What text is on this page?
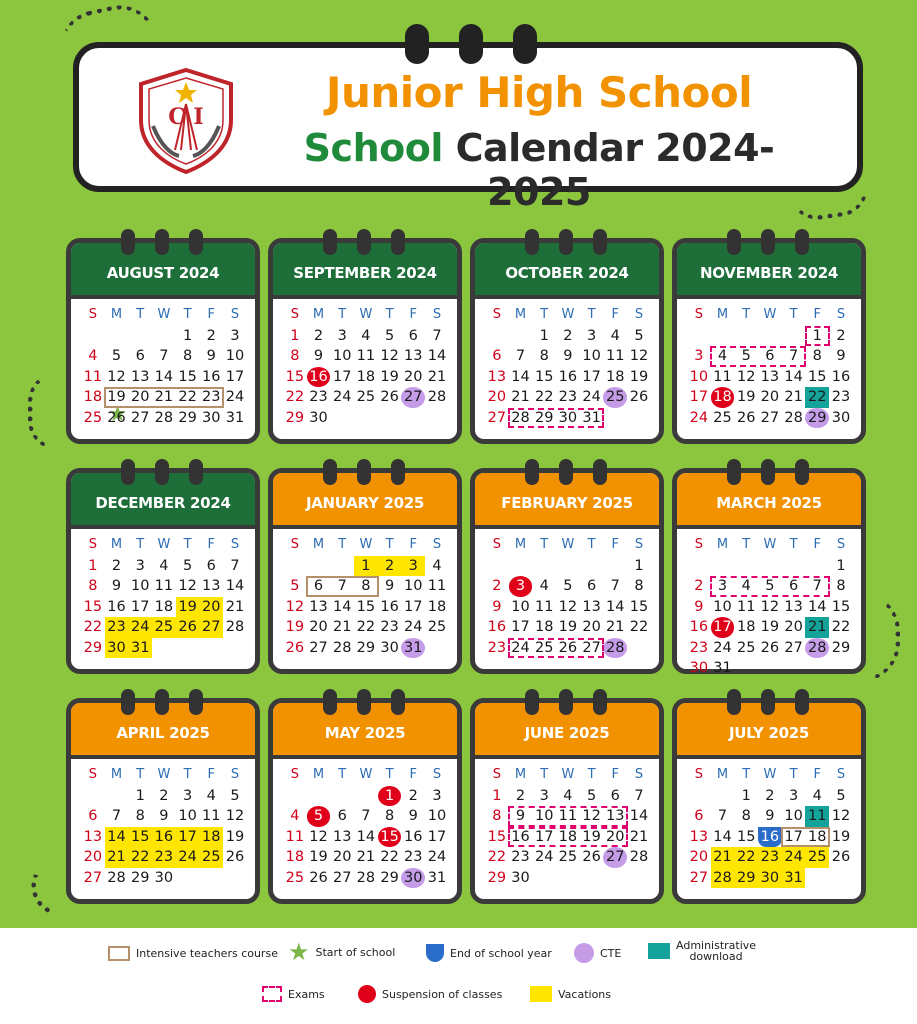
C I	Junior High School
School Calendar 2024-2025
AUGUST 2024
S	M	T	W	T	F	S
1 2 3
4 5 6 7 8 9 10
11 12 13 14 15 16 17
18 19 20 21 22 23 24
25
★ 26 27 28 29 30 31
SEPTEMBER 2024
S	M	T	W	T	F	S
1 2 3 4 5 6 7
8 9 10 11 12 13 14
15 16 17 18 19 20 21
22 23 24 25 26 27 28
29 30
OCTOBER 2024
S	M	T	W	T	F	S
1 2 3 4 5
6 7 8 9 10 11 12
13 14 15 16 17 18 19
20 21 22 23 24 25 26
27 28 29 30 31
NOVEMBER 2024
S	M	T	W	T	F	S
1 2
3 4 5 6 7 8 9
10 11 12 13 14 15 16
17 18 19 20 21 22 23
24 25 26 27 28 29 30
DECEMBER 2024
S	M	T	W	T	F	S
1 2 3 4 5 6 7
8 9 10 11 12 13 14
15 16 17 18 19 20 21
22 23 24 25 26 27 28
29 30 31
JANUARY 2025
S	M	T	W	T	F	S
1 2 3 4
5 6 7 8 9 10 11
12 13 14 15 16 17 18
19 20 21 22 23 24 25
26 27 28 29 30 31
FEBRUARY 2025
S	M	T	W	T	F	S
1
2 3 4 5 6 7 8
9 10 11 12 13 14 15
16 17 18 19 20 21 22
23 24 25 26 27 28
MARCH 2025
S	M	T	W	T	F	S
1
2 3 4 5 6 7 8
9 10 11 12 13 14 15
16 17 18 19 20 21 22
23 24 25 26 27 28 29
30 31
APRIL 2025
S	M	T	W	T	F	S
1 2 3 4 5
6 7 8 9 10 11 12
13 14 15 16 17 18 19
20 21 22 23 24 25 26
27 28 29 30
MAY 2025
S	M	T	W	T	F	S
1 2 3
4 5 6 7 8 9 10
11 12 13 14 15 16 17
18 19 20 21 22 23 24
25 26 27 28 29 30 31
JUNE 2025
S	M	T	W	T	F	S
1 2 3 4 5 6 7
8 9 10 11 12 13 14
15 16 17 18 19 20 21
22 23 24 25 26 27 28
29 30
JULY 2025
S	M	T	W	T	F	S
1 2 3 4 5
6 7 8 9 10 11 12
13 14 15 16 17 18 19
20 21 22 23 24 25 26
27 28 29 30 31
Intensive teachers course ★ Start of school	End of school year	CTE
Administrative
download
Exams	Suspension of classes	Vacations
